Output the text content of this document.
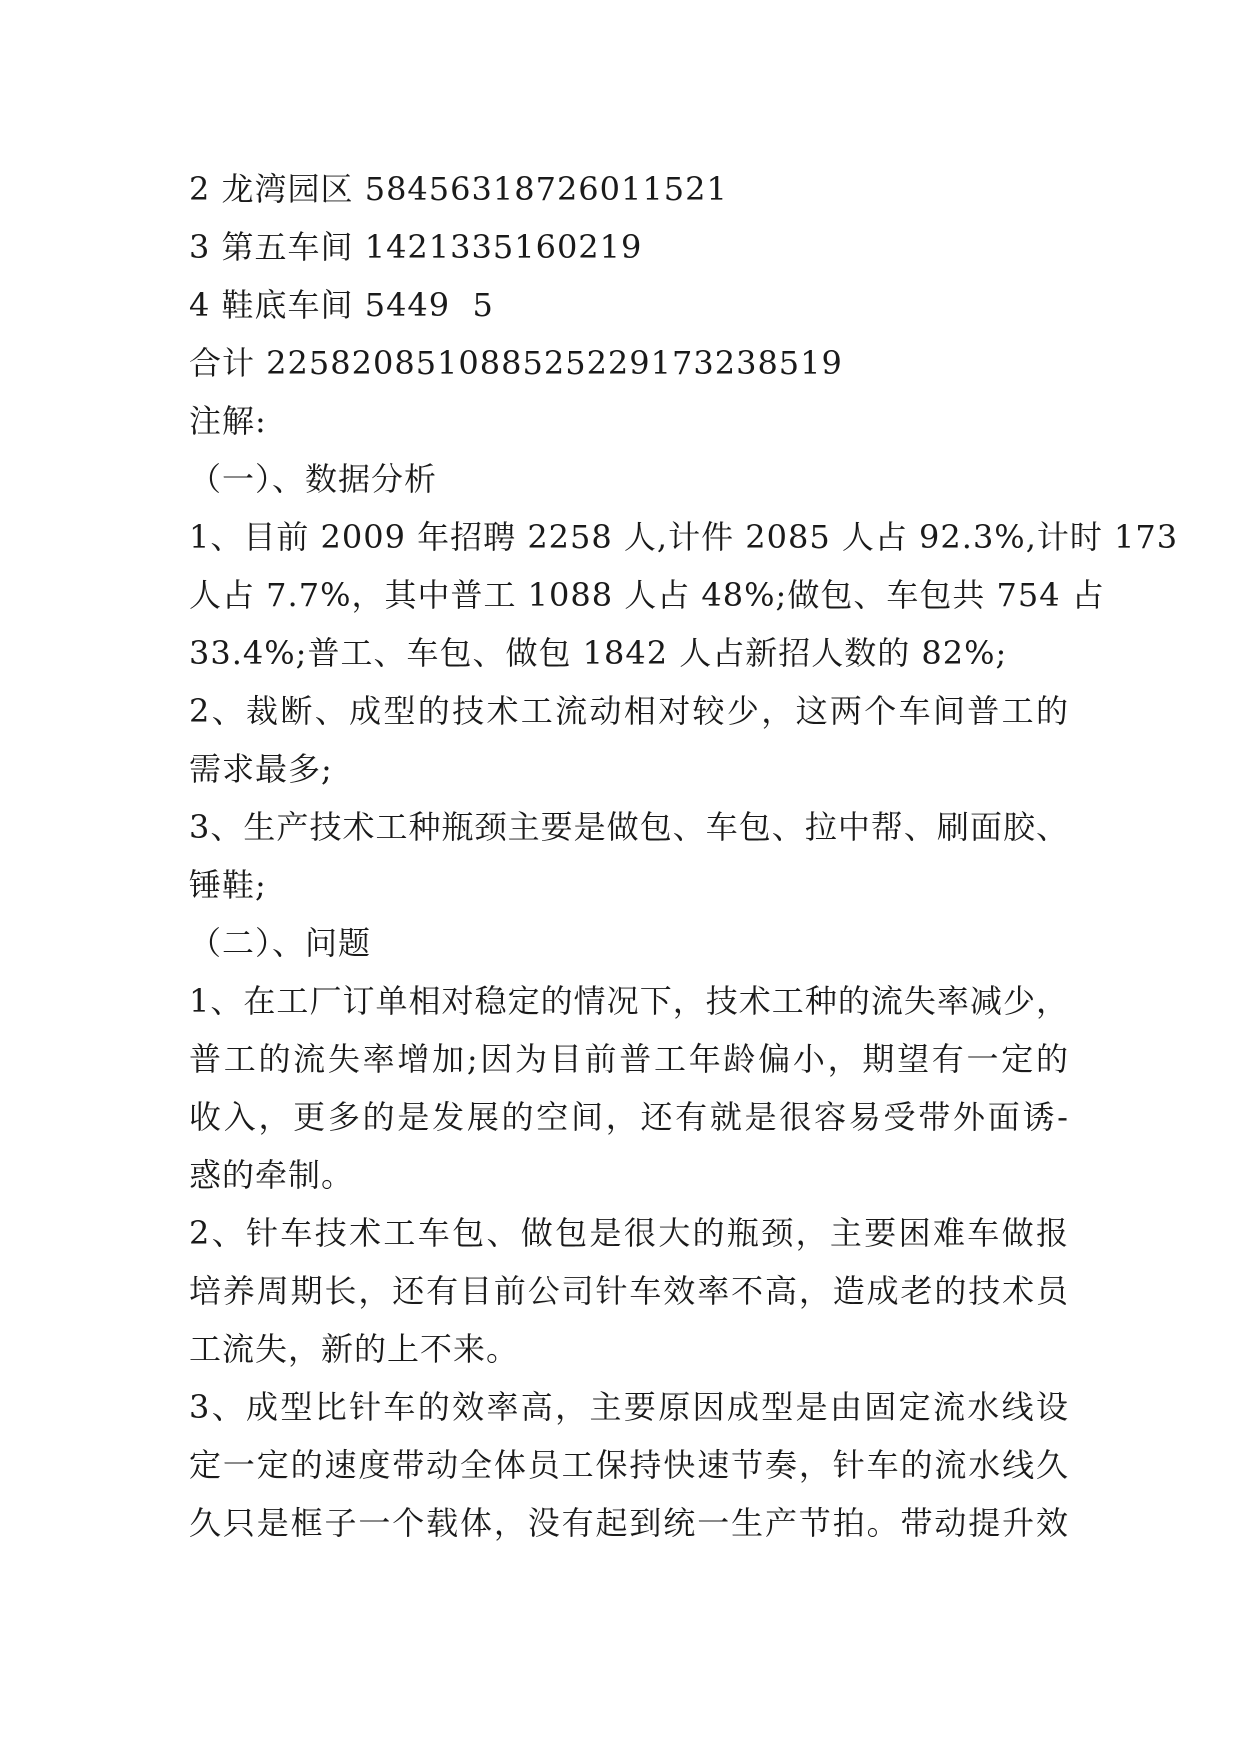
2 龙湾园区 58456318726011521
3 第五车间 1421335160219
4 鞋底车间 5449  5
合计 22582085108852522917323851​9
注解:
（一）、数据分析
1、目前 2009 年招聘 2258 人,计件 2085 人占 92.3%,计时 173
人占 7.7%，其中普工 1088 人占 48%;做包、车包共 754 占
33.4%;普工、车包、做包 1842 人占新招人数的 82%;
2、裁断、成型的技术工流动相对较少，这两个车间普工的
需求最多;
3、生产技术工种瓶颈主要是做包、车包、拉中帮、刷面胶、
锤鞋;
（二）、问题
1、在工厂订单相对稳定的情况下，技术工种的流失率减少，
普工的流失率增加;因为目前普工年龄偏小，期望有一定的
收入，更多的是发展的空间，还有就是很容易受带外面诱-
惑的牵制。
2、针车技术工车包、做包是很大的瓶颈，主要困难车做报
培养周期长，还有目前公司针车效率不高，造成老的技术员
工流失，新的上不来。
3、成型比针车的效率高，主要原因成型是由固定流水线设
定一定的速度带动全体员工保持快速节奏，针车的流水线久
久只是框子一个载体，没有起到统一生产节拍。带动提升效
